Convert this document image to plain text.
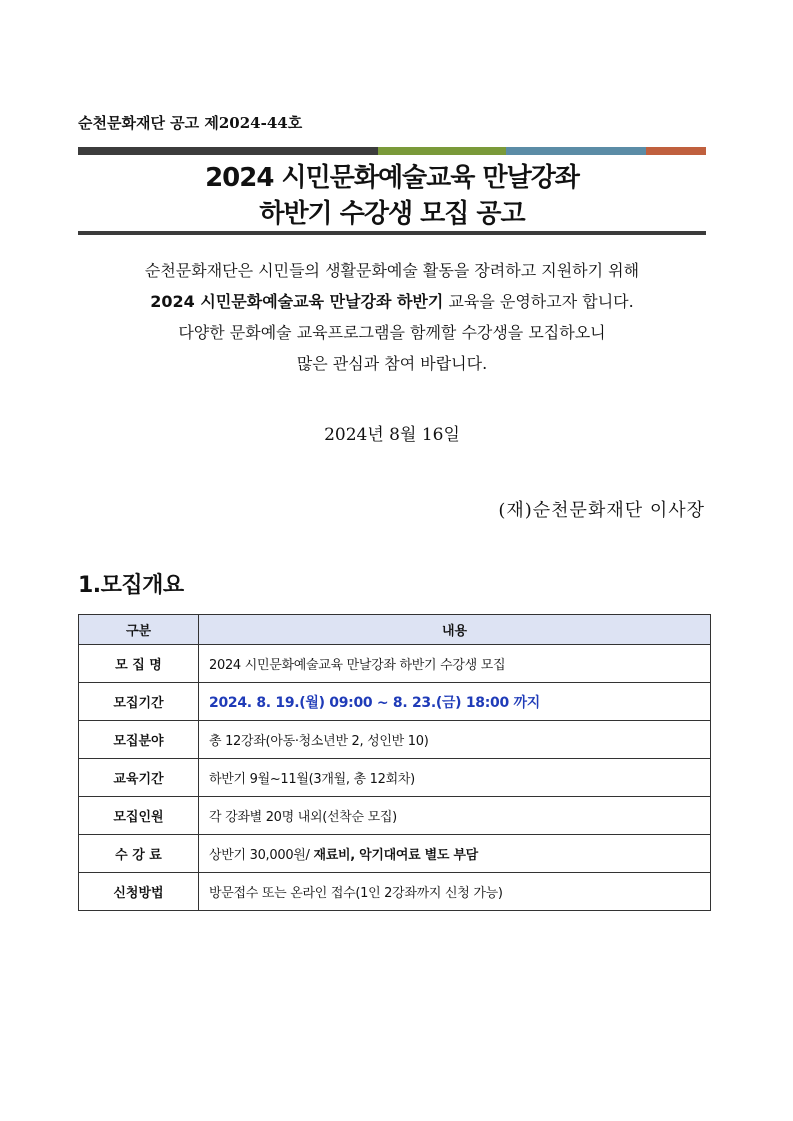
순천문화재단 공고 제2024-44호
2024 시민문화예술교육 만날강좌
하반기 수강생 모집 공고
순천문화재단은 시민들의 생활문화예술 활동을 장려하고 지원하기 위해
2024 시민문화예술교육 만날강좌 하반기 교육을 운영하고자 합니다.
다양한 문화예술 교육프로그램을 함께할 수강생을 모집하오니
많은 관심과 참여 바랍니다.
2024년 8월 16일
(재)순천문화재단 이사장
1.모집개요
구분	내용
모 집 명	2024 시민문화예술교육 만날강좌 하반기 수강생 모집
모집기간	2024. 8. 19.(월) 09:00 ~ 8. 23.(금) 18:00 까지
모집분야	총 12강좌(아동·청소년반 2, 성인반 10)
교육기간	하반기 9월~11월(3개월, 총 12회차)
모집인원	각 강좌별 20명 내외(선착순 모집)
수 강 료	상반기 30,000원/ 재료비, 악기대여료 별도 부담
신청방법	방문접수 또는 온라인 접수(1인 2강좌까지 신청 가능)
